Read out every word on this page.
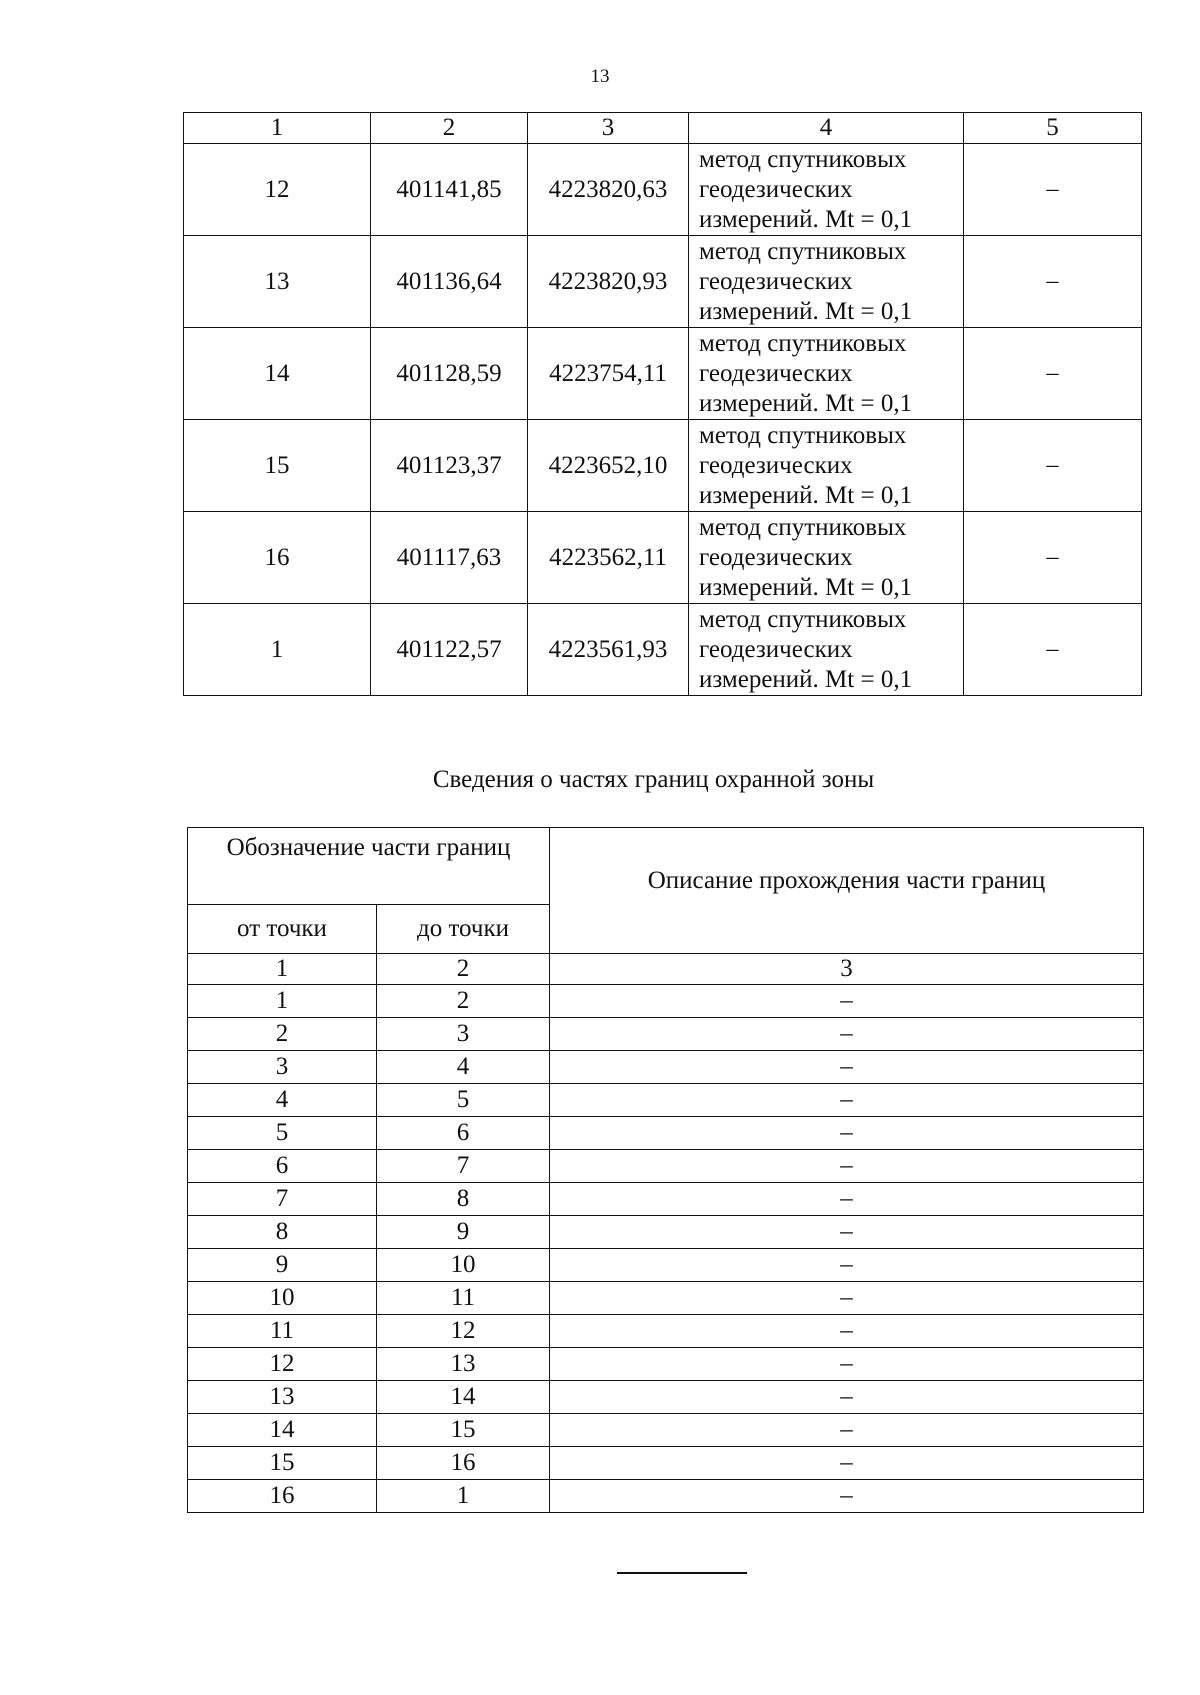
13
1	2	3	4	5
12	401141,85	4223820,63	метод спутниковых
геодезических
измерений. Mt = 0,1	–
13	401136,64	4223820,93	метод спутниковых
геодезических
измерений. Mt = 0,1	–
14	401128,59	4223754,11	метод спутниковых
геодезических
измерений. Mt = 0,1	–
15	401123,37	4223652,10	метод спутниковых
геодезических
измерений. Mt = 0,1	–
16	401117,63	4223562,11	метод спутниковых
геодезических
измерений. Mt = 0,1	–
1	401122,57	4223561,93	метод спутниковых
геодезических
измерений. Mt = 0,1	–
Сведения о частях границ охранной зоны
Обозначение части границ		Описание прохождения части границ
от точки	до точки	
1	2	3
1	2	–
2	3	–
3	4	–
4	5	–
5	6	–
6	7	–
7	8	–
8	9	–
9	10	–
10	11	–
11	12	–
12	13	–
13	14	–
14	15	–
15	16	–
16	1	–
